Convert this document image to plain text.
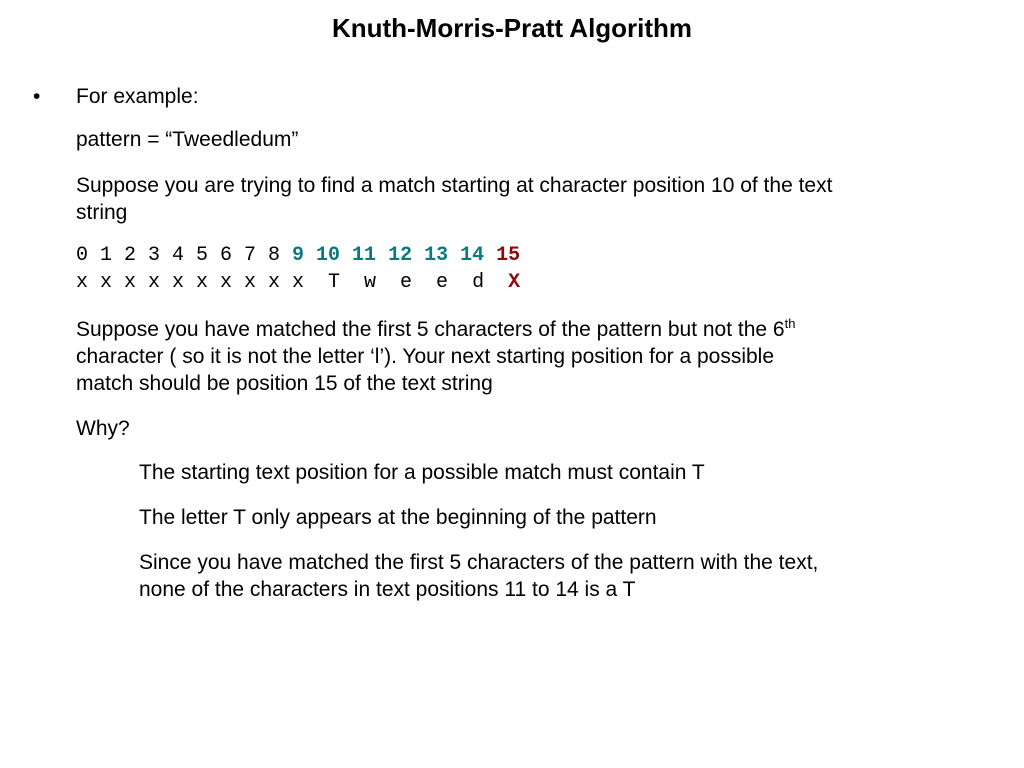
Knuth-Morris-Pratt Algorithm
• For example:
pattern = “Tweedledum”
Suppose you are trying to find a match starting at character position 10 of the text
string
0 1 2 3 4 5 6 7 8 9 10 11 12 13 14 15
x x x x x x x x x x  T  w  e  e  d  X
Suppose you have matched the first 5 characters of the pattern but not the 6th
character ( so it is not the letter ‘l’). Your next starting position for a possible
match should be position 15 of the text string
Why?
The starting text position for a possible match must contain T
The letter T only appears at the beginning of the pattern
Since you have matched the first 5 characters of the pattern with the text,
none of the characters in text positions 11 to 14 is a T
